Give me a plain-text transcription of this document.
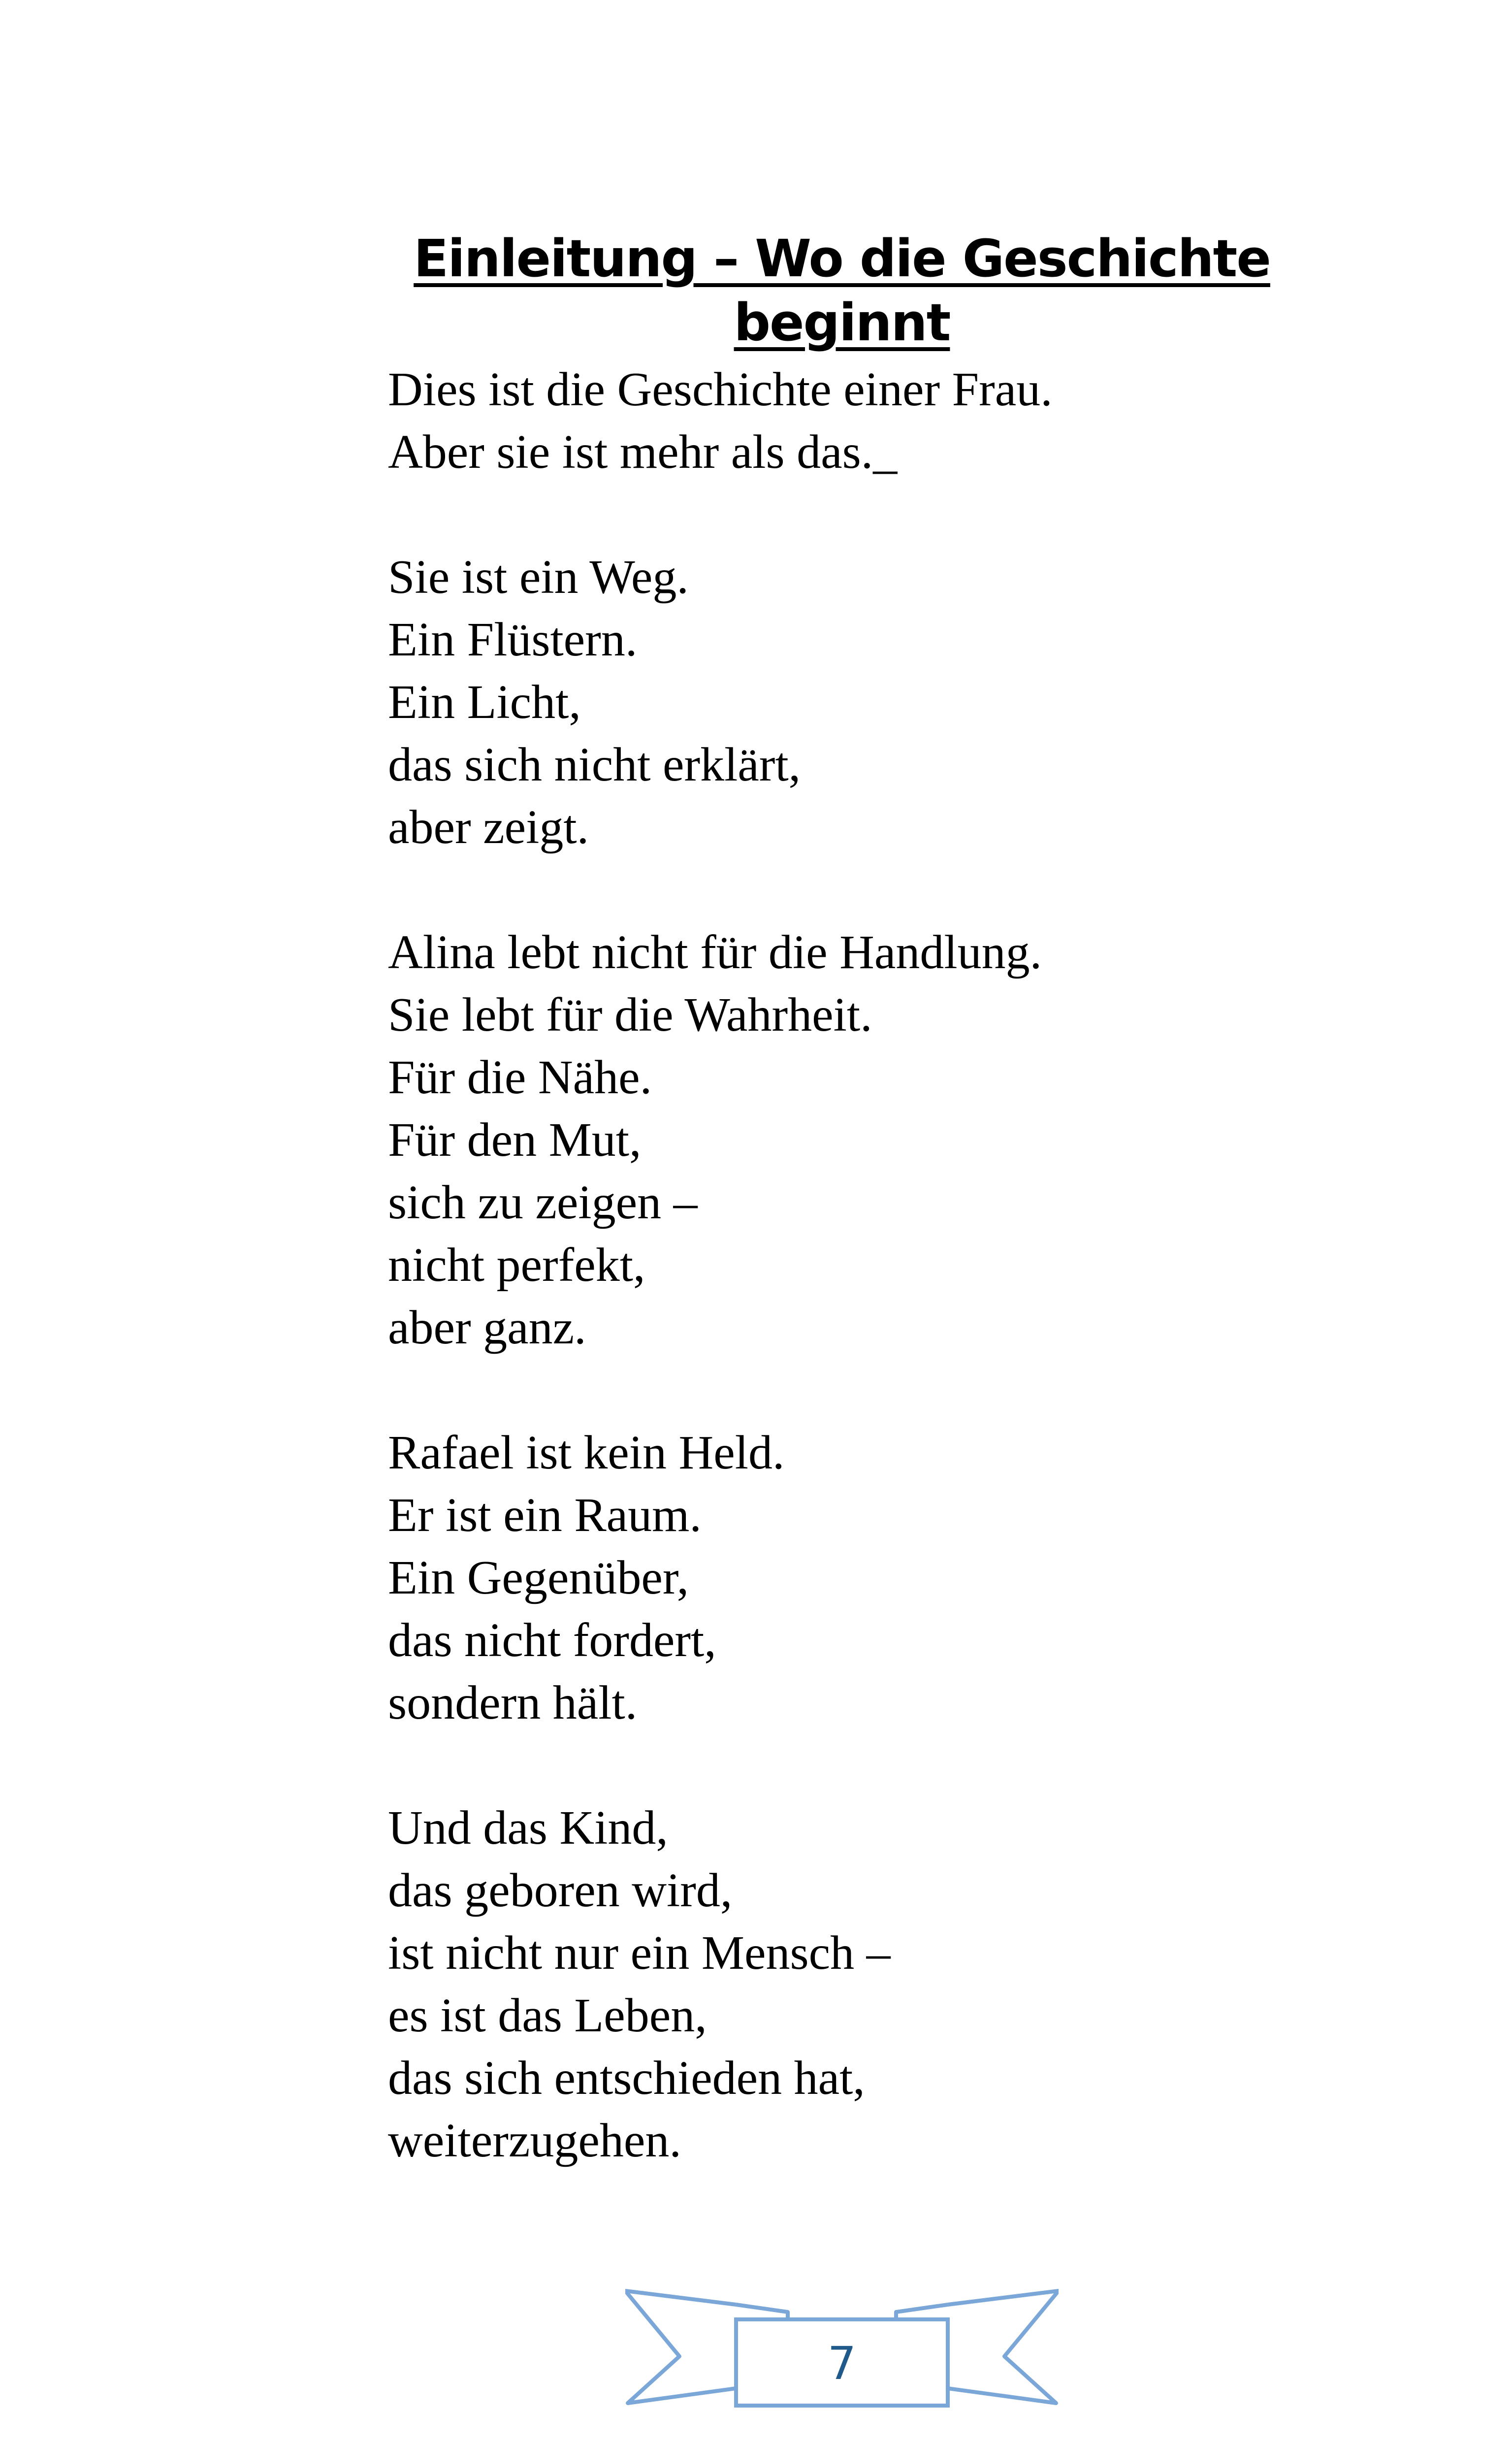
Einleitung – Wo die Geschichte beginnt
Dies ist die Geschichte einer Frau.
Aber sie ist mehr als das._
Sie ist ein Weg.
Ein Flüstern.
Ein Licht,
das sich nicht erklärt,
aber zeigt.
Alina lebt nicht für die Handlung.
Sie lebt für die Wahrheit.
Für die Nähe.
Für den Mut,
sich zu zeigen –
nicht perfekt,
aber ganz.
Rafael ist kein Held.
Er ist ein Raum.
Ein Gegenüber,
das nicht fordert,
sondern hält.
Und das Kind,
das geboren wird,
ist nicht nur ein Mensch –
es ist das Leben,
das sich entschieden hat,
weiterzugehen.
7
